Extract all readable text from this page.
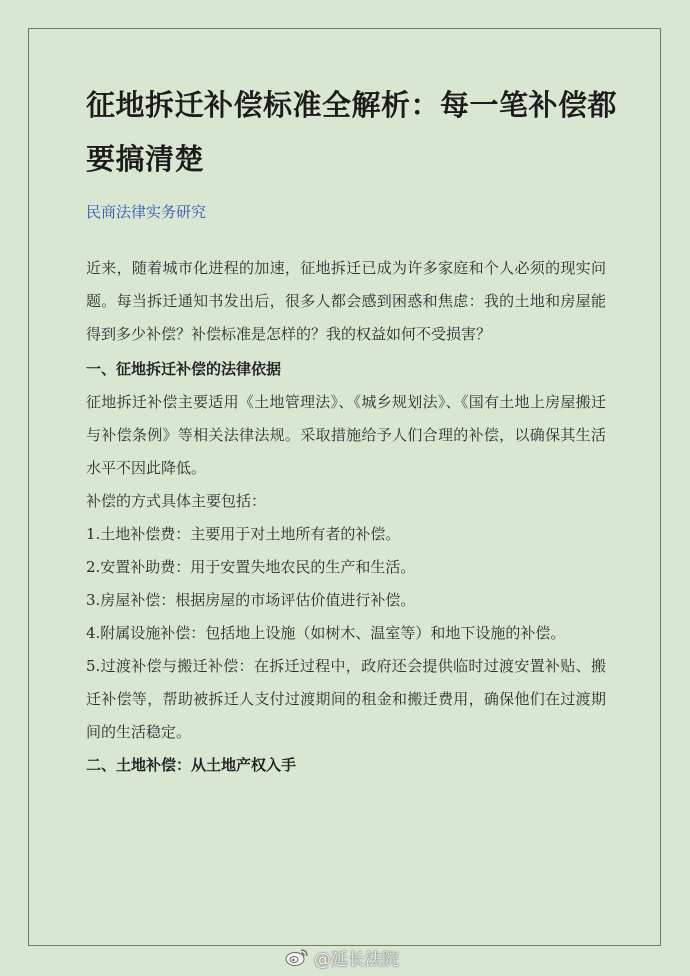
征地拆迁补偿标准全解析：每一笔补偿都要搞清楚
民商法律实务研究

近来，随着城市化进程的加速，征地拆迁已成为许多家庭和个人必须的现实问题。每当拆迁通知书发出后，很多人都会感到困惑和焦虑：我的土地和房屋能得到多少补偿？补偿标准是怎样的？我的权益如何不受损害？

一、征地拆迁补偿的法律依据

征地拆迁补偿主要适用《土地管理法》、《城乡规划法》、《国有土地上房屋搬迁与补偿条例》等相关法律法规。采取措施给予人们合理的补偿，以确保其生活水平不因此降低。

补偿的方式具体主要包括：

1.土地补偿费：主要用于对土地所有者的补偿。

2.安置补助费：用于安置失地农民的生产和生活。

3.房屋补偿：根据房屋的市场评估价值进行补偿。

4.附属设施补偿：包括地上设施（如树木、温室等）和地下设施的补偿。

5.过渡补偿与搬迁补偿：在拆迁过程中，政府还会提供临时过渡安置补贴、搬迁补偿等，帮助被拆迁人支付过渡期间的租金和搬迁费用，确保他们在过渡期间的生活稳定。

二、土地补偿：从土地产权入手

@延长法院
